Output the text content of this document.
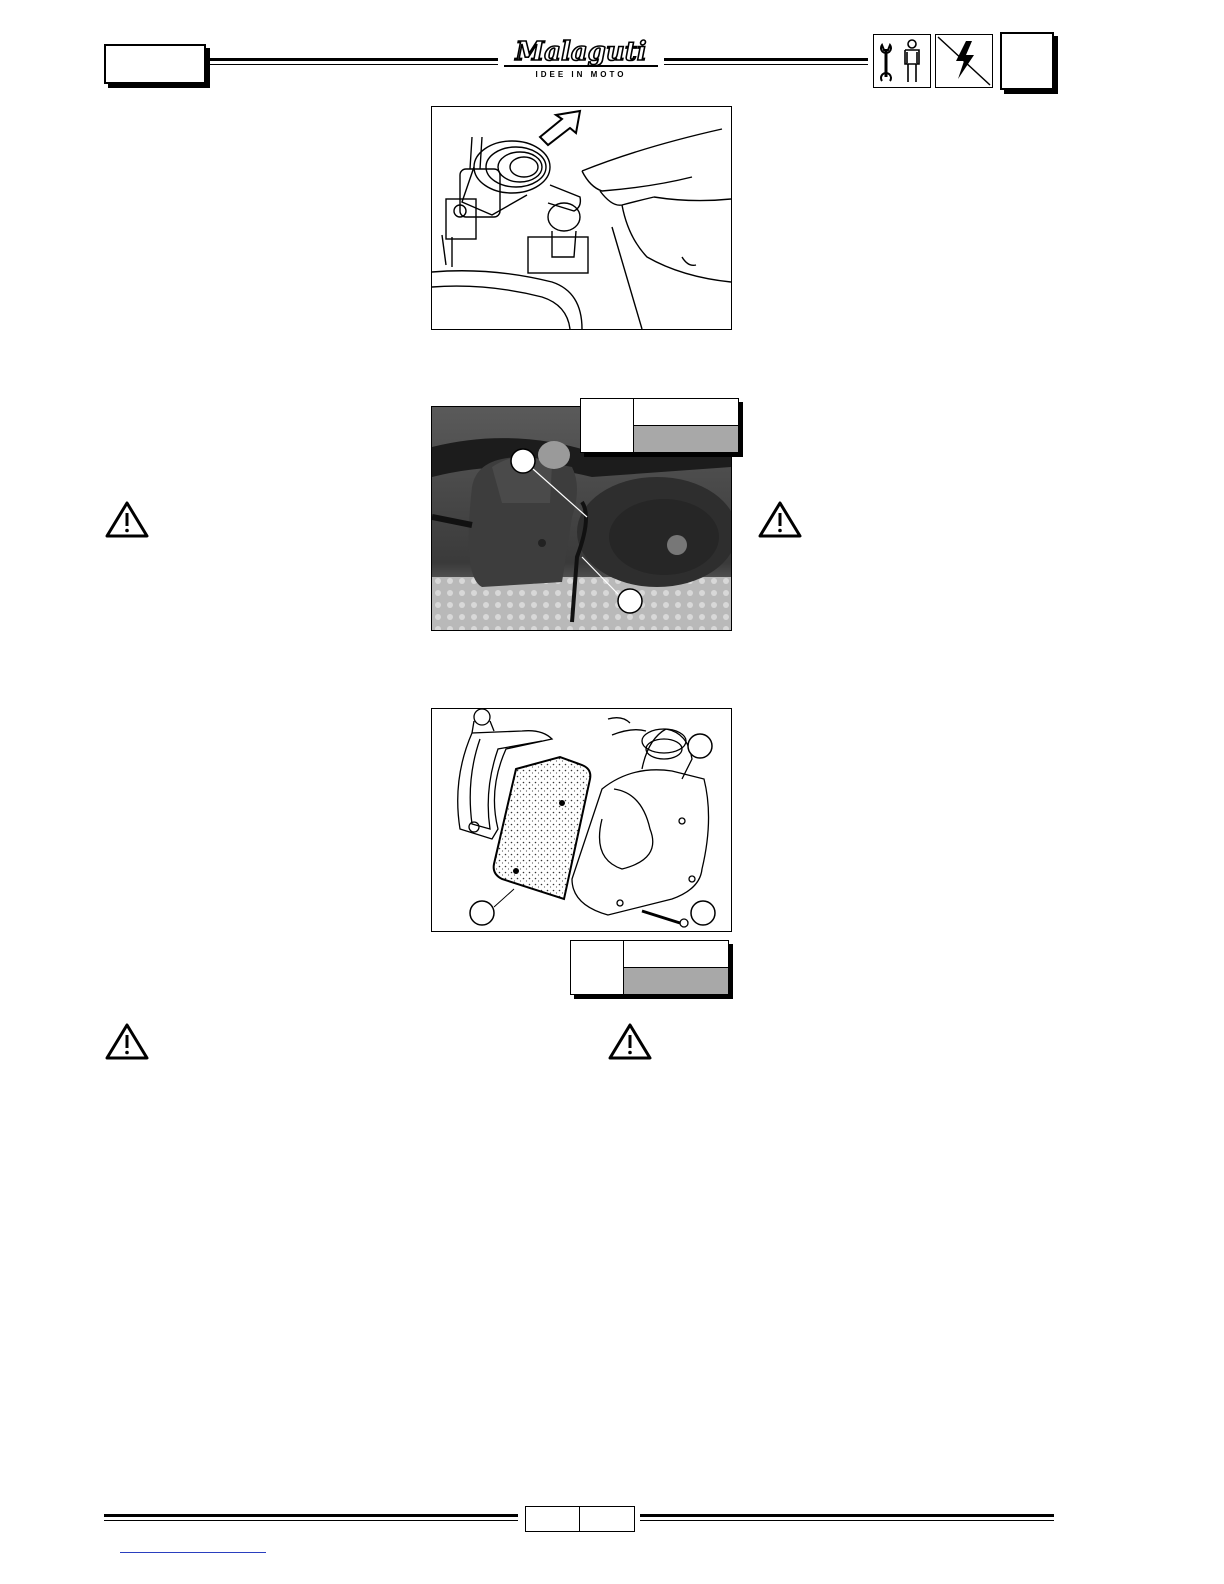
Malaguti
IDEE IN MOTO
